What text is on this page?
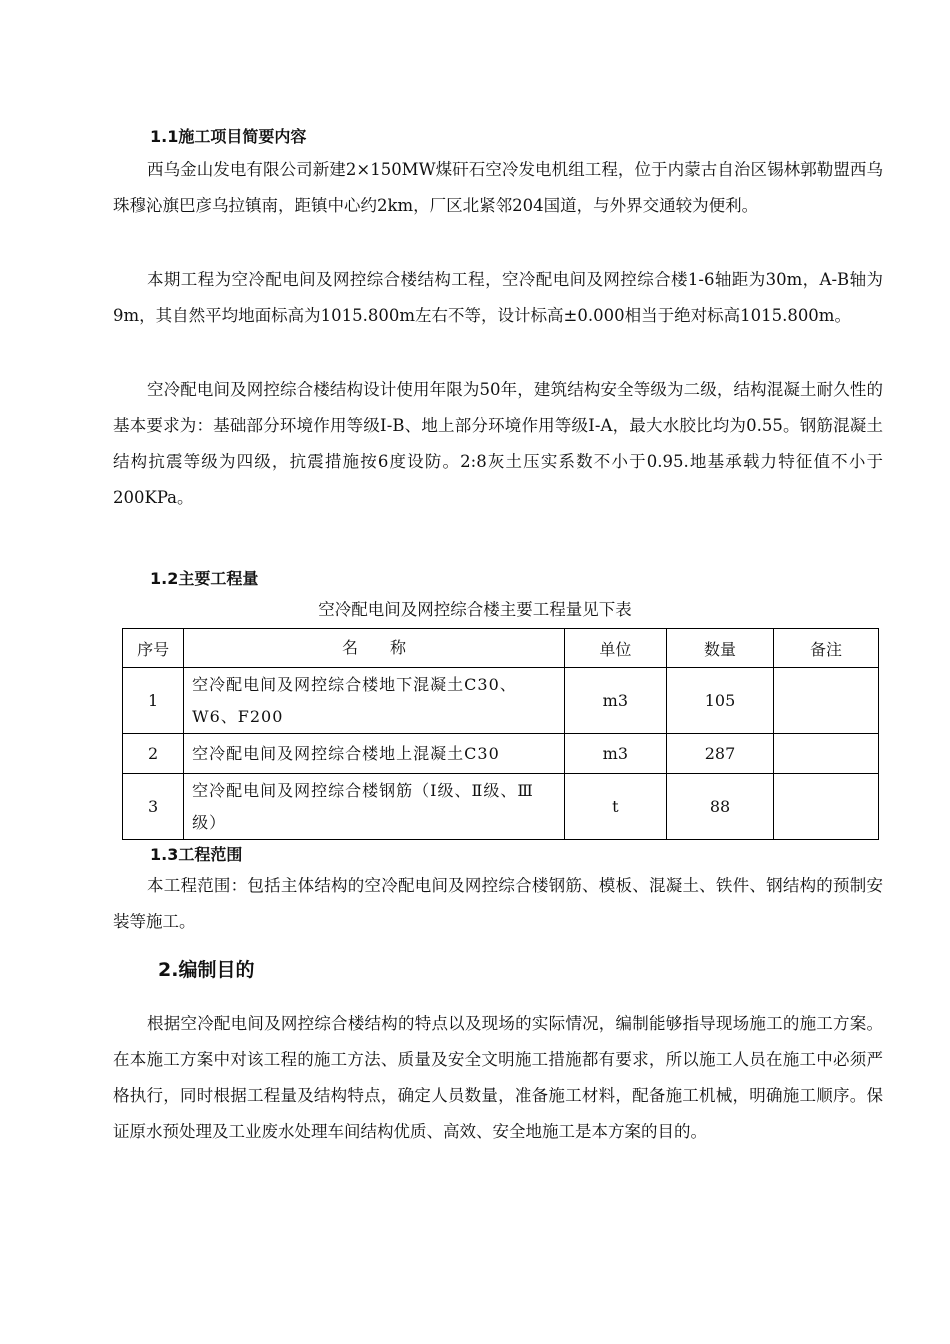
1.1施工项目简要内容

西乌金山发电有限公司新建2×150MW煤矸石空冷发电机组工程，位于内蒙古自治区锡林郭勒盟西乌珠穆沁旗巴彦乌拉镇南，距镇中心约2km，厂区北紧邻204国道，与外界交通较为便利。

本期工程为空冷配电间及网控综合楼结构工程，空冷配电间及网控综合楼1-6轴距为30m，A-B轴为9m，其自然平均地面标高为1015.800m左右不等，设计标高±0.000相当于绝对标高1015.800m。

空冷配电间及网控综合楼结构设计使用年限为50年，建筑结构安全等级为二级，结构混凝土耐久性的基本要求为：基础部分环境作用等级Ⅰ-B、地上部分环境作用等级Ⅰ-A，最大水胶比均为0.55。钢筋混凝土结构抗震等级为四级，抗震措施按6度设防。2:8灰土压实系数不小于0.95.地基承载力特征值不小于200KPa。

1.2主要工程量
空冷配电间及网控综合楼主要工程量见下表
序号	名　　称	单位	数量	备注
1	空冷配电间及网控综合楼地下混凝土C30、W6、F200	m3	105	
2	空冷配电间及网控综合楼地上混凝土C30	m3	287	
3	空冷配电间及网控综合楼钢筋（Ⅰ级、Ⅱ级、Ⅲ级）	t	88	
1.3工程范围

本工程范围：包括主体结构的空冷配电间及网控综合楼钢筋、模板、混凝土、铁件、钢结构的预制安装等施工。

2.编制目的

根据空冷配电间及网控综合楼结构的特点以及现场的实际情况，编制能够指导现场施工的施工方案。在本施工方案中对该工程的施工方法、质量及安全文明施工措施都有要求，所以施工人员在施工中必须严格执行，同时根据工程量及结构特点，确定人员数量，准备施工材料，配备施工机械，明确施工顺序。保证原水预处理及工业废水处理车间结构优质、高效、安全地施工是本方案的目的。
